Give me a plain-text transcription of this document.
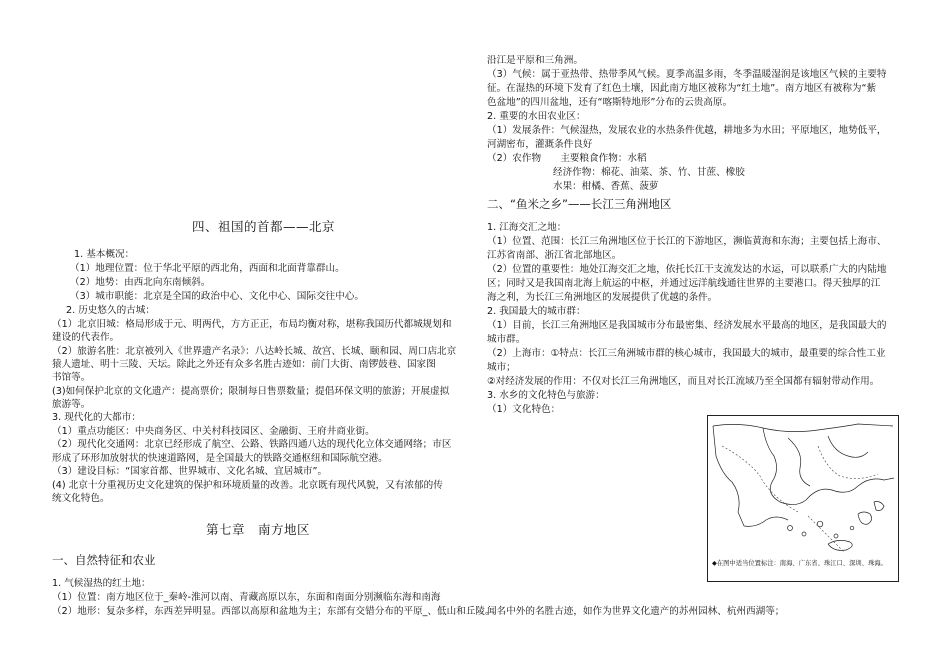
四、祖国的首都——北京
1. 基本概况：
（1）地理位置：位于华北平原的西北角，西面和北面背靠群山。
（2）地势：由西北向东南倾斜。
（3）城市职能：北京是全国的政治中心、文化中心、国际交往中心。
2. 历史悠久的古城：
（1）北京旧城：格局形成于元、明两代，方方正正，布局均衡对称，堪称我国历代都城规划和
建设的代表作。
（2）旅游名胜：北京被列入《世界遗产名录》：八达岭长城、故宫、长城、颐和园、周口店北京
猿人遗址、明十三陵、天坛。除此之外还有众多名胜古迹如：前门大街、南锣鼓巷、国家图
书馆等。
(3)如何保护北京的文化遗产：提高票价；限制每日售票数量；提倡环保文明的旅游；开展虚拟
旅游等。
3. 现代化的大都市：
（1）重点功能区：中央商务区、中关村科技园区、金融街、王府井商业街。
（2）现代化交通网：北京已经形成了航空、公路、铁路四通八达的现代化立体交通网络；市区
形成了环形加放射状的快速道路网，是全国最大的铁路交通枢纽和国际航空港。
（3）建设目标：“国家首都、世界城市、文化名城、宜居城市”。
(4) 北京十分重视历史文化建筑的保护和环境质量的改善。北京既有现代风貌，又有浓郁的传
统文化特色。
第七章　南方地区
一、自然特征和农业
1. 气候湿热的红土地：
（1）位置：南方地区位于_秦岭-淮河以南、青藏高原以东，东面和南面分别濒临东海和南海
（2）地形：复杂多样，东西差异明显。西部以高原和盆地为主；东部有交错分布的平原_、低山和丘陵。
沿江是平原和三角洲。
（3）气候：属于亚热带、热带季风气候。夏季高温多雨，冬季温暖湿润是该地区气候的主要特
征。在湿热的环境下发育了红色土壤，因此南方地区被称为“红土地”。南方地区有被称为“紫
色盆地”的四川盆地，还有“喀斯特地形”分布的云贵高原。
2. 重要的水田农业区：
（1）发展条件：气候湿热，发展农业的水热条件优越，耕地多为水田；平原地区，地势低平，
河湖密布，灌溉条件良好
（2）农作物　　主要粮食作物：水稻
经济作物：棉花、油菜、茶、竹、甘蔗、橡胶
水果：柑橘、香蕉、菠萝
二、“鱼米之乡”——长江三角洲地区
1. 江海交汇之地：
（1）位置、范围：长江三角洲地区位于长江的下游地区，濒临黄海和东海；主要包括上海市、
江苏省南部、浙江省北部地区。
（2）位置的重要性：地处江海交汇之地，依托长江干支流发达的水运，可以联系广大的内陆地
区；同时又是我国南北海上航运的中枢，并通过远洋航线通往世界的主要港口。得天独厚的江
海之利，为长江三角洲地区的发展提供了优越的条件。
2. 我国最大的城市群：
（1）目前，长江三角洲地区是我国城市分布最密集、经济发展水平最高的地区，是我国最大的
城市群。
（2）上海市：①特点：长江三角洲城市群的核心城市，我国最大的城市，最重要的综合性工业
城市；
②对经济发展的作用：不仅对长江三角洲地区，而且对长江流域乃至全国都有辐射带动作用。
3. 水乡的文化特色与旅游：
（1）文化特色：
闻名中外的名胜古迹，如作为世界文化遗产的苏州园林、杭州西湖等；
◆在图中适当位置标注：南海、广东省、珠江口、深圳、珠海。
